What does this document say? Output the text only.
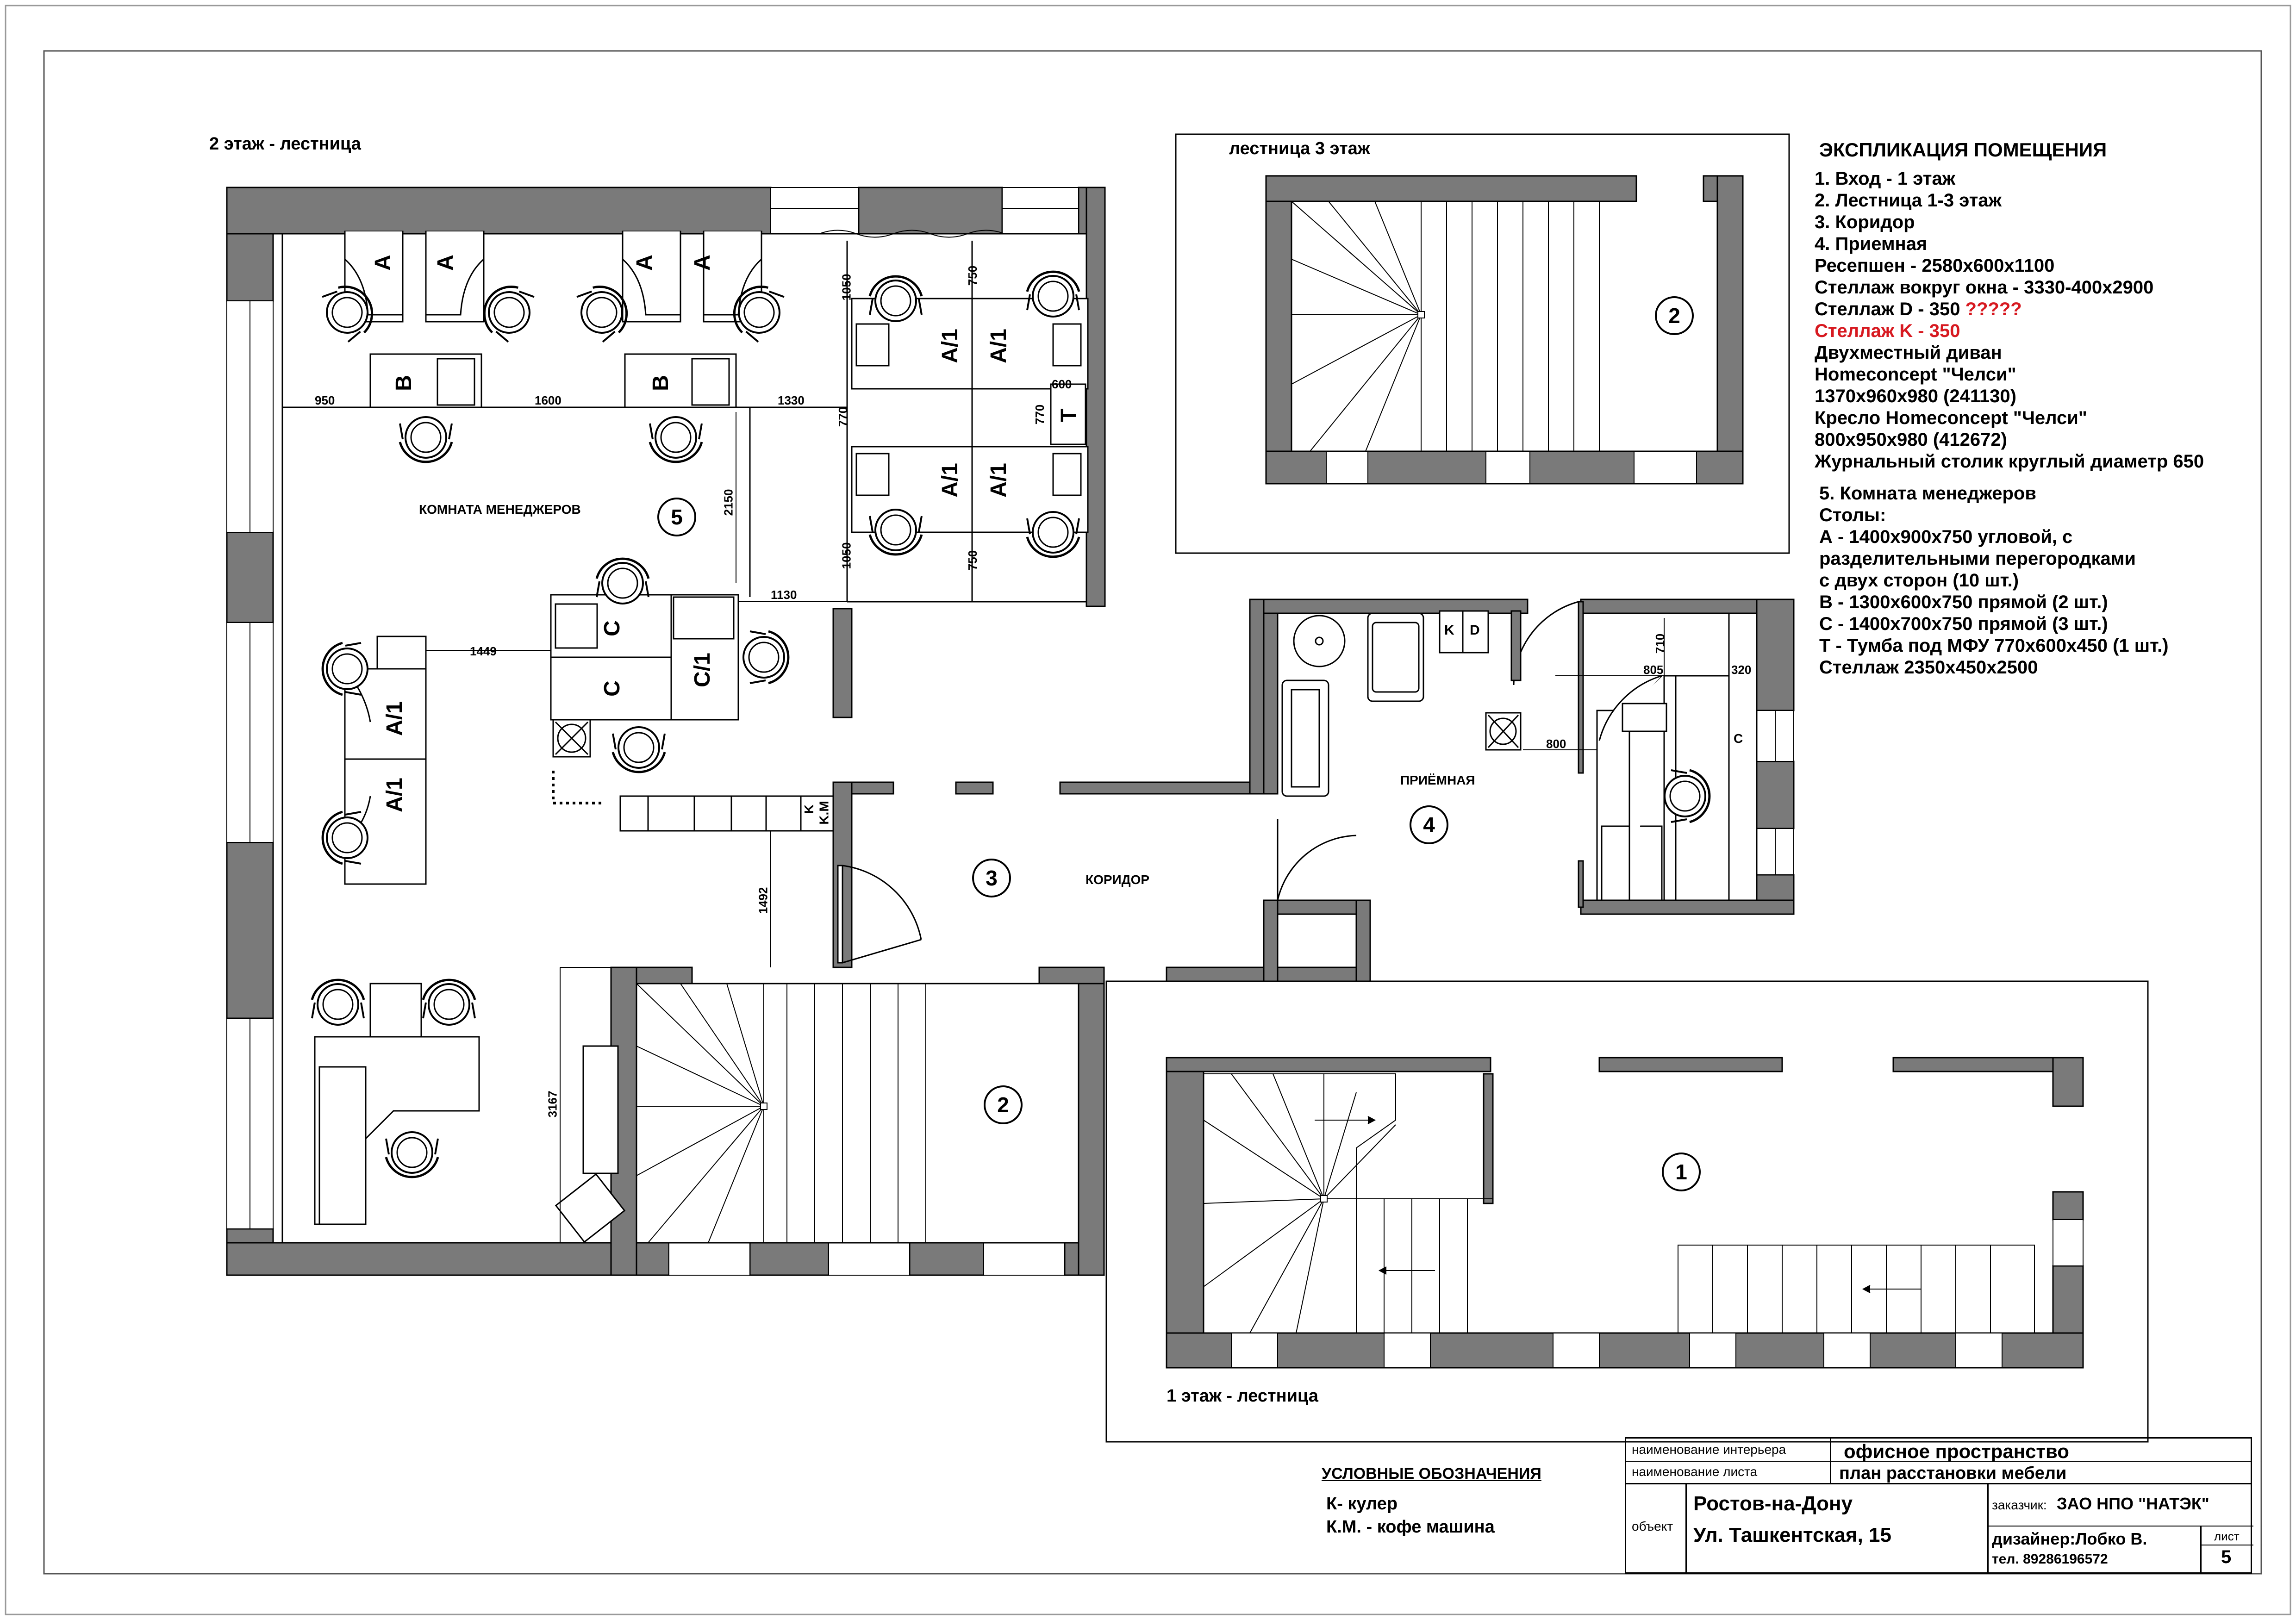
2 этаж - лестница	лестница 3 этаж
1 этаж - лестница
КОМНАТА МЕНЕДЖЕРОВ
ПРИЁМНАЯ
КОРИДОР
5
4
3
2
2
1
A A	A A
B	B
A/1 A/1
A/1 A/1
T
C
C
C/1
A/1
A/1	K K.M
K D
C
950	1600	1330
1050	750
770	770
600
2150
1050	750
1130
1449
1492
3167
710
805	320
800
ЭКСПЛИКАЦИЯ ПОМЕЩЕНИЯ
1. Вход - 1 этаж
2. Лестница 1-3 этаж
3. Коридор
4. Приемная
Ресепшен - 2580х600х1100
Стеллаж вокруг окна - 3330-400х2900
Стеллаж D - 350 ?????
Стеллаж K - 350
Двухместный диван
Homeconcept "Челси"
1370х960х980 (241130)
Кресло Homeconcept "Челси"
800х950х980 (412672)
Журнальный столик круглый диаметр 650
5. Комната менеджеров
Столы:
А - 1400х900х750 угловой, с
разделительными перегородками
с двух сторон (10 шт.)
В - 1300х600х750 прямой (2 шт.)
С - 1400х700х750 прямой (3 шт.)
Т - Тумба под МФУ 770х600х450 (1 шт.)
Стеллаж 2350х450х2500
УСЛОВНЫЕ ОБОЗНАЧЕНИЯ
К- кулер
К.М. - кофе машина
наименование интерьера	офисное пространство
наименование листа	план расстановки мебели
объект
Ростов-на-Дону
Ул. Ташкентская, 15
заказчик: ЗАО НПО "НАТЭК"
дизайнер:Лобко В.
тел. 89286196572
лист
5
